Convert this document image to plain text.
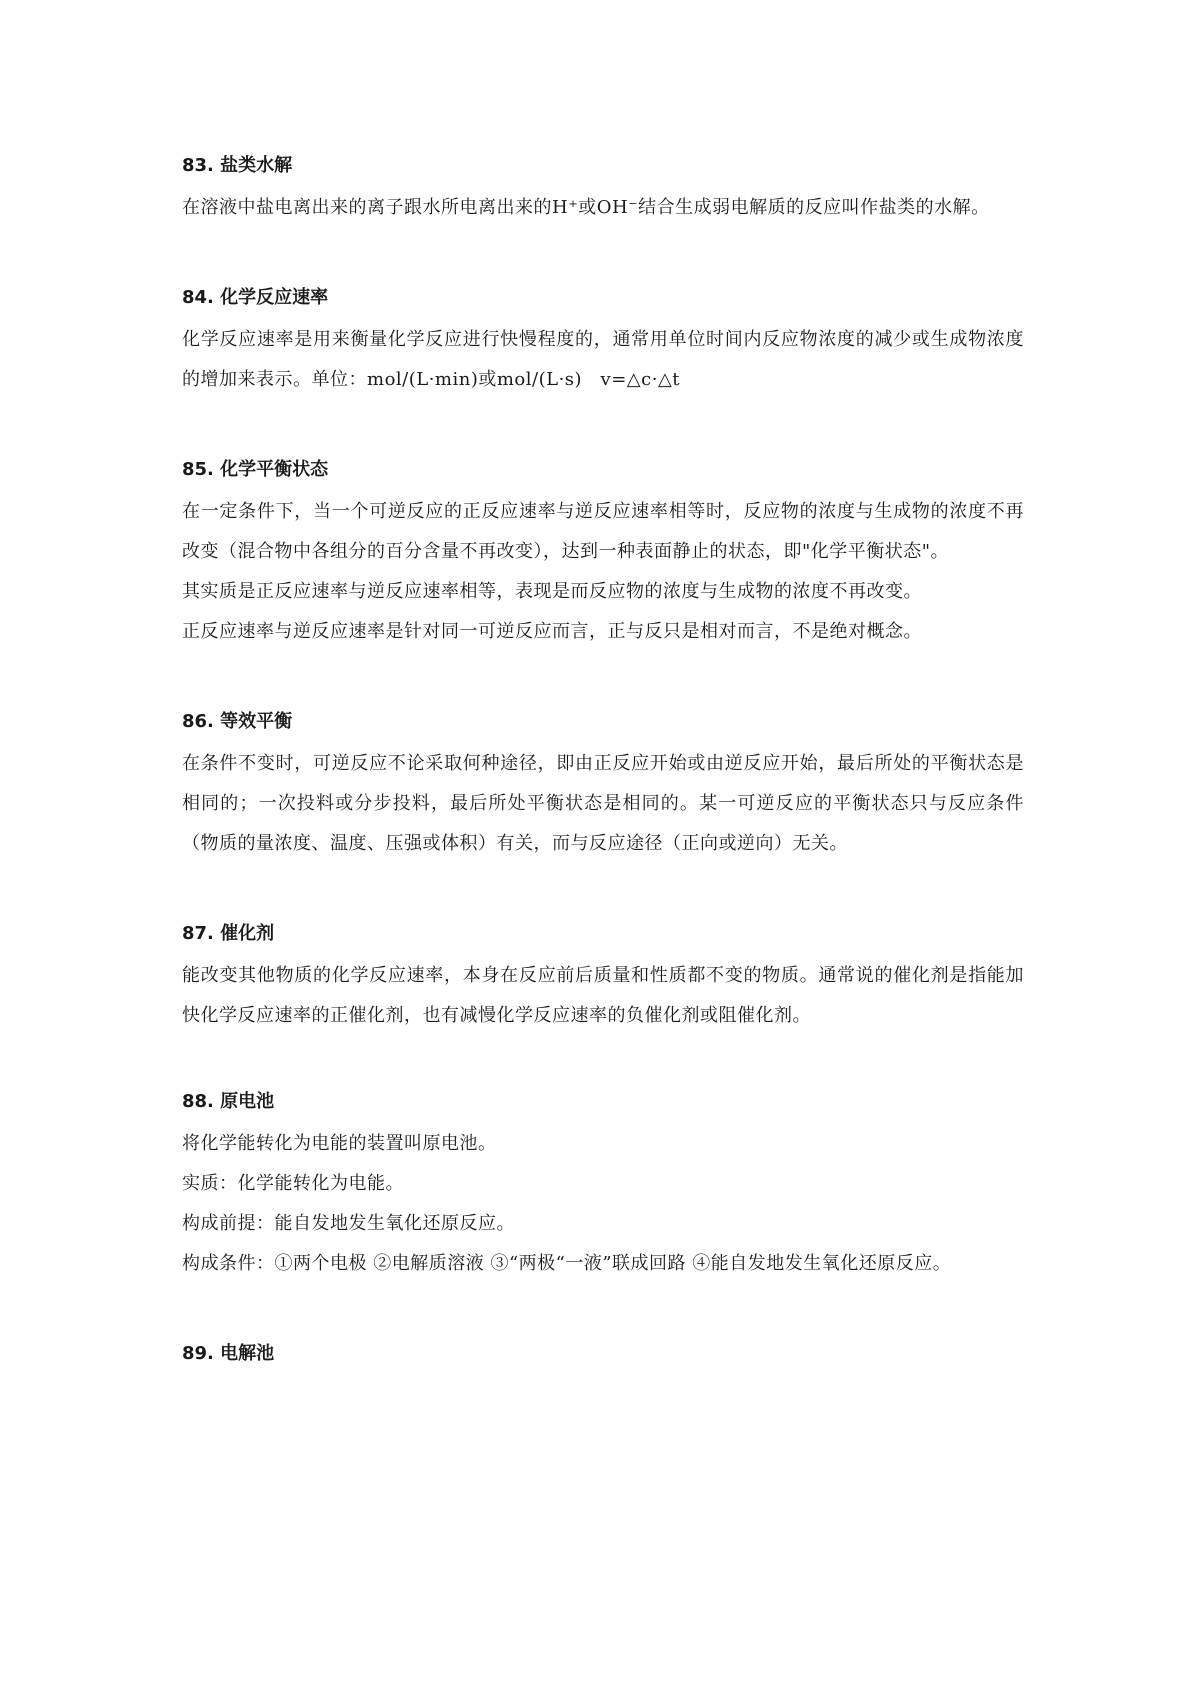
83. 盐类水解

在溶液中盐电离出来的离子跟水所电离出来的H⁺或OH⁻结合生成弱电解质的反应叫作盐类的水解。

84. 化学反应速率

化学反应速率是用来衡量化学反应进行快慢程度的，通常用单位时间内反应物浓度的减少或生成物浓度的增加来表示。单位：mol/(L·min)或mol/(L·s)　v=△c·△t

85. 化学平衡状态

在一定条件下，当一个可逆反应的正反应速率与逆反应速率相等时，反应物的浓度与生成物的浓度不再改变（混合物中各组分的百分含量不再改变），达到一种表面静止的状态，即"化学平衡状态"。

其实质是正反应速率与逆反应速率相等，表现是而反应物的浓度与生成物的浓度不再改变。

正反应速率与逆反应速率是针对同一可逆反应而言，正与反只是相对而言，不是绝对概念。

86. 等效平衡

在条件不变时，可逆反应不论采取何种途径，即由正反应开始或由逆反应开始，最后所处的平衡状态是相同的；一次投料或分步投料，最后所处平衡状态是相同的。某一可逆反应的平衡状态只与反应条件（物质的量浓度、温度、压强或体积）有关，而与反应途径（正向或逆向）无关。

87. 催化剂

能改变其他物质的化学反应速率，本身在反应前后质量和性质都不变的物质。通常说的催化剂是指能加快化学反应速率的正催化剂，也有减慢化学反应速率的负催化剂或阻催化剂。

88. 原电池

将化学能转化为电能的装置叫原电池。

实质：化学能转化为电能。

构成前提：能自发地发生氧化还原反应。

构成条件：①两个电极 ②电解质溶液 ③“两极“一液”联成回路 ④能自发地发生氧化还原反应。

89. 电解池
